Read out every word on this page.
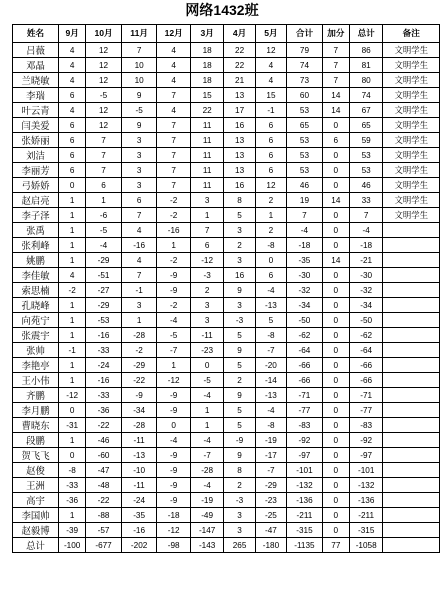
网络1432班
姓名	9月	10月	11月	12月	3月	4月	5月	合计	加分	总计	备注
吕薇	4	12	7	4	18	22	12	79	7	86	文明学生
邓晶	4	12	10	4	18	22	4	74	7	81	文明学生
兰晓敏	4	12	10	4	18	21	4	73	7	80	文明学生
李瑞	6	-5	9	7	15	13	15	60	14	74	文明学生
叶云青	4	12	-5	4	22	17	-1	53	14	67	文明学生
闫美爱	6	12	9	7	11	16	6	65	0	65	文明学生
张娇丽	6	7	3	7	11	13	6	53	6	59	文明学生
刘洁	6	7	3	7	11	13	6	53	0	53	文明学生
李丽芳	6	7	3	7	11	13	6	53	0	53	文明学生
弓娇娇	0	6	3	7	11	16	12	46	0	46	文明学生
赵启亮	1	1	6	-2	3	8	2	19	14	33	文明学生
李子泽	1	-6	7	-2	1	5	1	7	0	7	文明学生
张禹	1	-5	4	-16	7	3	2	-4	0	-4	
张利峰	1	-4	-16	1	6	2	-8	-18	0	-18	
姚鹏	1	-29	4	-2	-12	3	0	-35	14	-21	
李佳敏	4	-51	7	-9	-3	16	6	-30	0	-30	
索思楠	-2	-27	-1	-9	2	9	-4	-32	0	-32	
孔晓峰	1	-29	3	-2	3	3	-13	-34	0	-34	
向苑宁	1	-53	1	-4	3	-3	5	-50	0	-50	
张震宇	1	-16	-28	-5	-11	5	-8	-62	0	-62	
张帅	-1	-33	-2	-7	-23	9	-7	-64	0	-64	
李艳亭	1	-24	-29	1	0	5	-20	-66	0	-66	
王小伟	1	-16	-22	-12	-5	2	-14	-66	0	-66	
齐鹏	-12	-33	-9	-9	-4	9	-13	-71	0	-71	
李月鹏	0	-36	-34	-9	1	5	-4	-77	0	-77	
曹晓东	-31	-22	-28	0	1	5	-8	-83	0	-83	
段鹏	1	-46	-11	-4	-4	-9	-19	-92	0	-92	
贺飞飞	0	-60	-13	-9	-7	9	-17	-97	0	-97	
赵俊	-8	-47	-10	-9	-28	8	-7	-101	0	-101	
王洲	-33	-48	-11	-9	-4	2	-29	-132	0	-132	
高宇	-36	-22	-24	-9	-19	-3	-23	-136	0	-136	
李国帅	1	-88	-35	-18	-49	3	-25	-211	0	-211	
赵毅博	-39	-57	-16	-12	-147	3	-47	-315	0	-315	
总计	-100	-677	-202	-98	-143	265	-180	-1135	77	-1058	
